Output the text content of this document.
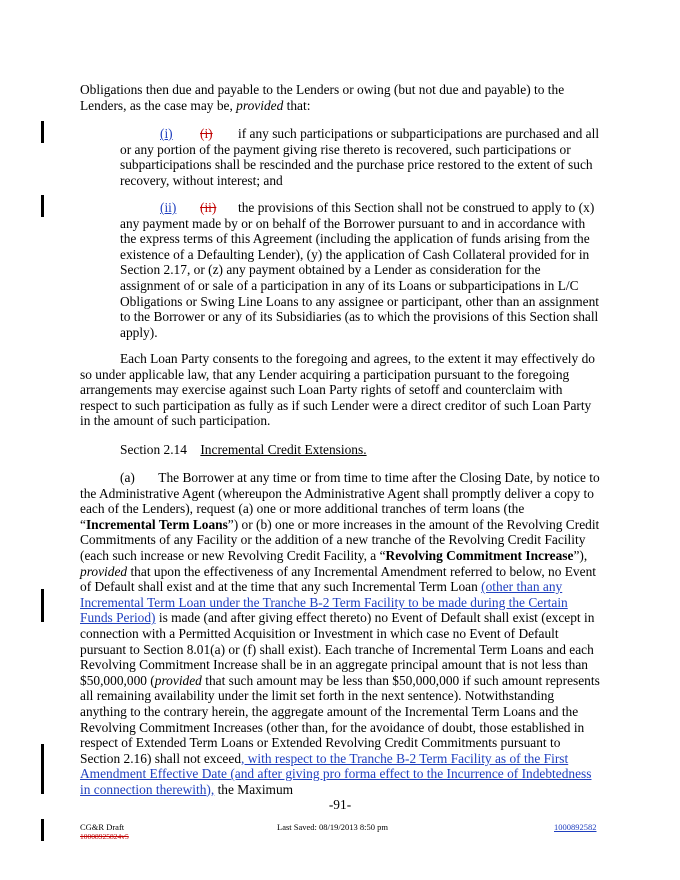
Obligations then due and payable to the Lenders or owing (but not due and payable) to the Lenders, as the case may be, provided that:

(i) (i) if any such participations or subparticipations are purchased and all or any portion of the payment giving rise thereto is recovered, such participations or subparticipations shall be rescinded and the purchase price restored to the extent of such recovery, without interest; and

(ii) (ii) the provisions of this Section shall not be construed to apply to (x) any payment made by or on behalf of the Borrower pursuant to and in accordance with the express terms of this Agreement (including the application of funds arising from the existence of a Defaulting Lender), (y) the application of Cash Collateral provided for in Section 2.17, or (z) any payment obtained by a Lender as consideration for the assignment of or sale of a participation in any of its Loans or subparticipations in L/C Obligations or Swing Line Loans to any assignee or participant, other than an assignment to the Borrower or any of its Subsidiaries (as to which the provisions of this Section shall apply).

Each Loan Party consents to the foregoing and agrees, to the extent it may effectively do so under applicable law, that any Lender acquiring a participation pursuant to the foregoing arrangements may exercise against such Loan Party rights of setoff and counterclaim with respect to such participation as fully as if such Lender were a direct creditor of such Loan Party in the amount of such participation.

Section 2.14 Incremental Credit Extensions.

(a)       The Borrower at any time or from time to time after the Closing Date, by notice to the Administrative Agent (whereupon the Administrative Agent shall promptly deliver a copy to each of the Lenders), request (a) one or more additional tranches of term loans (the “Incremental Term Loans”) or (b) one or more increases in the amount of the Revolving Credit Commitments of any Facility or the addition of a new tranche of the Revolving Credit Facility (each such increase or new Revolving Credit Facility, a “Revolving Commitment Increase”), provided that upon the effectiveness of any Incremental Amendment referred to below, no Event of Default shall exist and at the time that any such Incremental Term Loan (other than any Incremental Term Loan under the Tranche B-2 Term Facility to be made during the Certain Funds Period) is made (and after giving effect thereto) no Event of Default shall exist (except in connection with a Permitted Acquisition or Investment in which case no Event of Default pursuant to Section 8.01(a) or (f) shall exist). Each tranche of Incremental Term Loans and each Revolving Commitment Increase shall be in an aggregate principal amount that is not less than $50,000,000 (provided that such amount may be less than $50,000,000 if such amount represents all remaining availability under the limit set forth in the next sentence). Notwithstanding anything to the contrary herein, the aggregate amount of the Incremental Term Loans and the Revolving Commitment Increases (other than, for the avoidance of doubt, those established in respect of Extended Term Loans or Extended Revolving Credit Commitments pursuant to Section 2.16) shall not exceed, with respect to the Tranche B-2 Term Facility as of the First Amendment Effective Date (and after giving pro forma effect to the Incurrence of Indebtedness in connection therewith), the Maximum

-91-
CG&R Draft
10008925824v5
Last Saved: 08/19/2013 8:50 pm	1000892582
